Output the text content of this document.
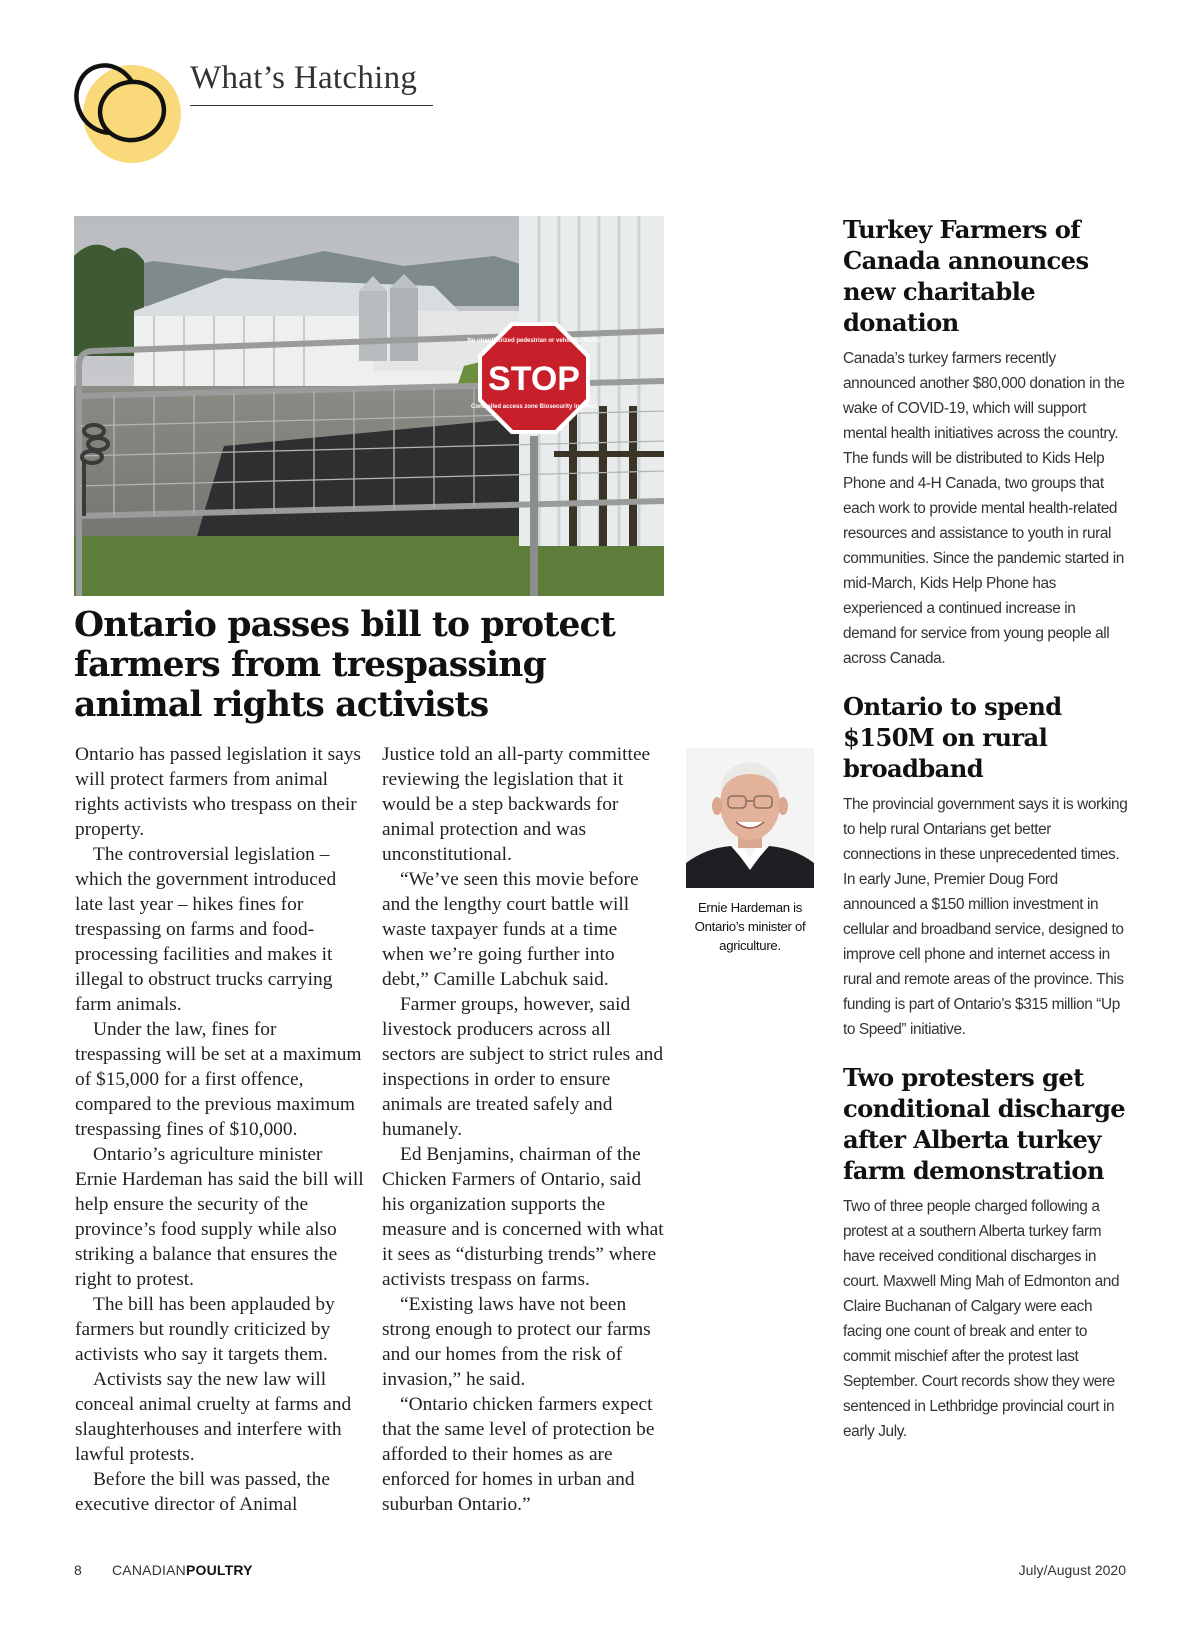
What’s Hatching
No unauthorized pedestrian or vehicular traffic
STOP
Controlled access zone Biosecurity in effect
Ontario passes bill to protect farmers from trespassing animal rights activists

Ontario has passed legislation it says will protect farmers from animal rights activists who trespass on their property.

The controversial legislation – which the government introduced late last year – hikes fines for trespassing on farms and food-processing facilities and makes it illegal to obstruct trucks carrying farm animals.

Under the law, fines for trespassing will be set at a maximum of $15,000 for a first offence, compared to the previous maximum trespassing fines of $10,000.

Ontario’s agriculture minister Ernie Hardeman has said the bill will help ensure the security of the province’s food supply while also striking a balance that ensures the right to protest.

The bill has been applauded by farmers but roundly criticized by activists who say it targets them.

Activists say the new law will conceal animal cruelty at farms and slaughterhouses and interfere with lawful protests.

Before the bill was passed, the executive director of Animal

Justice told an all-party committee reviewing the legislation that it would be a step backwards for animal protection and was unconstitutional.

“We’ve seen this movie before and the lengthy court battle will waste taxpayer funds at a time when we’re going further into debt,” Camille Labchuk said.

Farmer groups, however, said livestock producers across all sectors are subject to strict rules and inspections in order to ensure animals are treated safely and humanely.

Ed Benjamins, chairman of the Chicken Farmers of Ontario, said his organization supports the measure and is concerned with what it sees as “disturbing trends” where activists trespass on farms.

“Existing laws have not been strong enough to protect our farms and our homes from the risk of invasion,” he said.

“Ontario chicken farmers expect that the same level of protection be afforded to their homes as are enforced for homes in urban and suburban Ontario.”

Ernie Hardeman is Ontario’s minister of agriculture.
Turkey Farmers of Canada announces new charitable donation

Canada’s turkey farmers recently announced another $80,000 donation in the wake of COVID-19, which will support mental health initiatives across the country. The funds will be distributed to Kids Help Phone and 4-H Canada, two groups that each work to provide mental health-related resources and assistance to youth in rural communities. Since the pandemic started in mid-March, Kids Help Phone has experienced a continued increase in demand for service from young people all across Canada.

Ontario to spend $150M on rural broadband

The provincial government says it is working to help rural Ontarians get better connections in these unprecedented times. In early June, Premier Doug Ford announced a $150 million investment in cellular and broadband service, designed to improve cell phone and internet access in rural and remote areas of the province. This funding is part of Ontario’s $315 million “Up to Speed” initiative.

Two protesters get conditional discharge after Alberta turkey farm demonstration

Two of three people charged following a protest at a southern Alberta turkey farm have received conditional discharges in court. Maxwell Ming Mah of Edmonton and Claire Buchanan of Calgary were each facing one count of break and enter to commit mischief after the protest last September. Court records show they were sentenced in Lethbridge provincial court in early July.

8 CANADIANPOULTRY	July/August 2020
